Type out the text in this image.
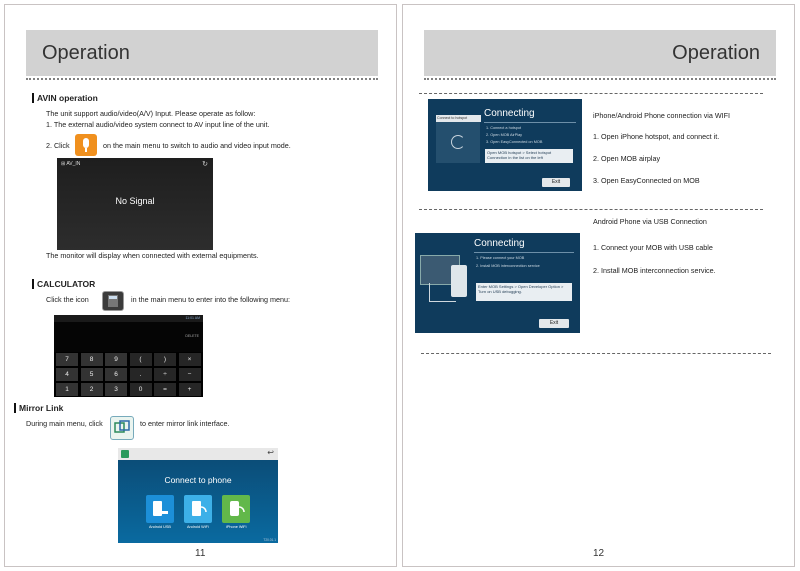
Operation
AVIN operation
The unit support audio/video(A/V) Input. Please operate as follow:
1. The external audio/video system connect to AV input line of the unit.
2. Click	on the main menu to switch to audio and video input mode.
⊞ AV_IN	↻
No Signal
The monitor will display when connected with external equipments.
CALCULATOR
Click the icon	in the main menu to enter into the following menu:
11:01 AM
DELETE
7	8	9	(	)	×
4	5	6	.	÷	−
1	2	3	0	=	+
Mirror Link
During main menu, click	to enter mirror link interface.
↩
Connect to phone
Android USB	Android WiFi	iPhone WiFi
T20.01.1
11
Operation
Connect to hotspot	Connecting
1. Connect a hotspot
2. Open MOB AirPlay
3. Open EasyConnected on MOB
Open MOB hotspot > Select hotspot Connection in the list on the left
Exit
iPhone/Android Phone connection via WIFI
1. Open iPhone hotspot, and connect it.
2. Open MOB airplay
3. Open EasyConnected on MOB
Connecting
1. Please connect your MOB
2. Install MOB interconnection service
Enter MOB Settings > Open Developer Option > Turn on USB debugging.
Exit
Android Phone via USB Connection
1. Connect your MOB with USB cable
2. Install MOB interconnection service.
12
